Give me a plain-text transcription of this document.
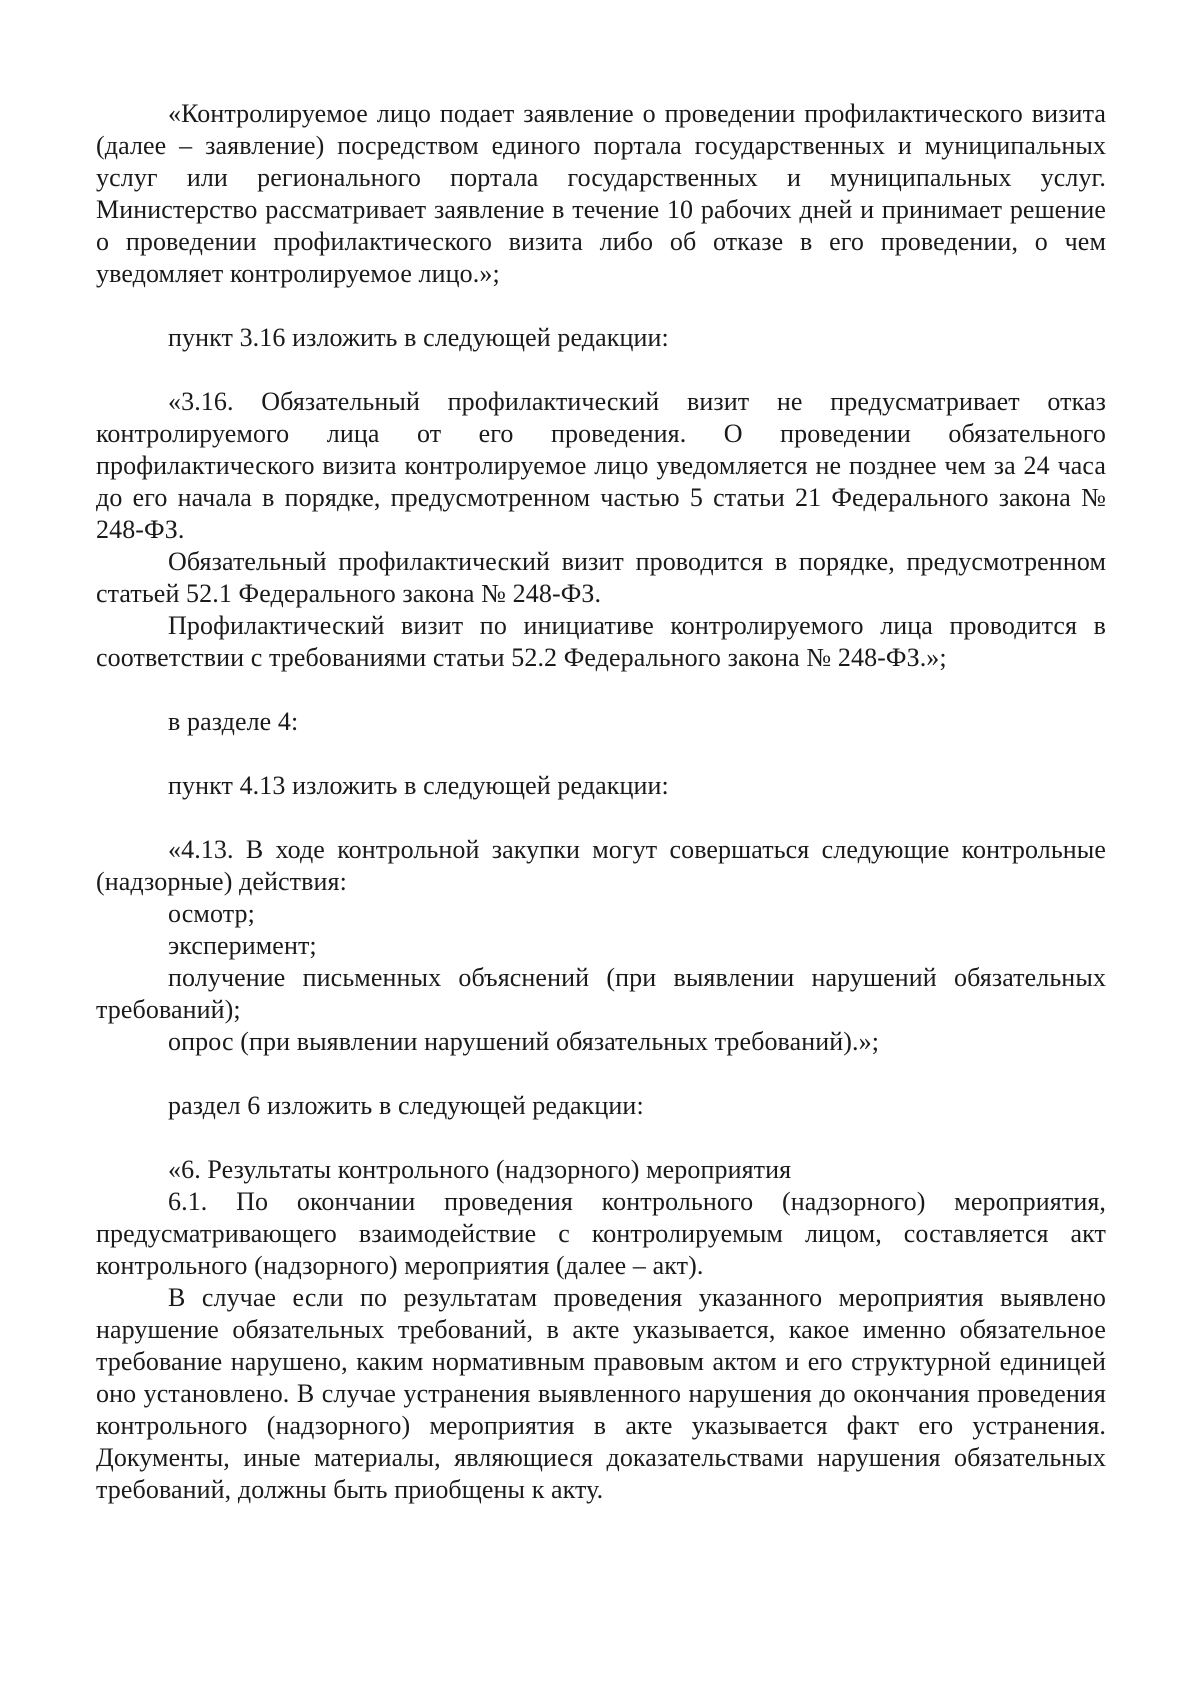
«Контролируемое лицо подает заявление о проведении профилактического визита (далее – заявление) посредством единого портала государственных и муниципальных услуг или регионального портала государственных и муниципальных услуг. Министерство рассматривает заявление в течение 10 рабочих дней и принимает решение о проведении профилактического визита либо об отказе в его проведении, о чем уведомляет контролируемое лицо.»;

пункт 3.16 изложить в следующей редакции:

«3.16. Обязательный профилактический визит не предусматривает отказ контролируемого лица от его проведения. О проведении обязательного профилактического визита контролируемое лицо уведомляется не позднее чем за 24 часа до его начала в порядке, предусмотренном частью 5 статьи 21 Федерального закона № 248-ФЗ.

Обязательный профилактический визит проводится в порядке, предусмотренном статьей 52.1 Федерального закона № 248-ФЗ.

Профилактический визит по инициативе контролируемого лица проводится в соответствии с требованиями статьи 52.2 Федерального закона № 248-ФЗ.»;

в разделе 4:

пункт 4.13 изложить в следующей редакции:

«4.13. В ходе контрольной закупки могут совершаться следующие контрольные (надзорные) действия:

осмотр;

эксперимент;

получение письменных объяснений (при выявлении нарушений обязательных требований);

опрос (при выявлении нарушений обязательных требований).»;

раздел 6 изложить в следующей редакции:

«6. Результаты контрольного (надзорного) мероприятия

6.1. По окончании проведения контрольного (надзорного) мероприятия, предусматривающего взаимодействие с контролируемым лицом, составляется акт контрольного (надзорного) мероприятия (далее – акт).

В случае если по результатам проведения указанного мероприятия выявлено нарушение обязательных требований, в акте указывается, какое именно обязательное требование нарушено, каким нормативным правовым актом и его структурной единицей оно установлено. В случае устранения выявленного нарушения до окончания проведения контрольного (надзорного) мероприятия в акте указывается факт его устранения. Документы, иные материалы, являющиеся доказательствами нарушения обязательных требований, должны быть приобщены к акту.
